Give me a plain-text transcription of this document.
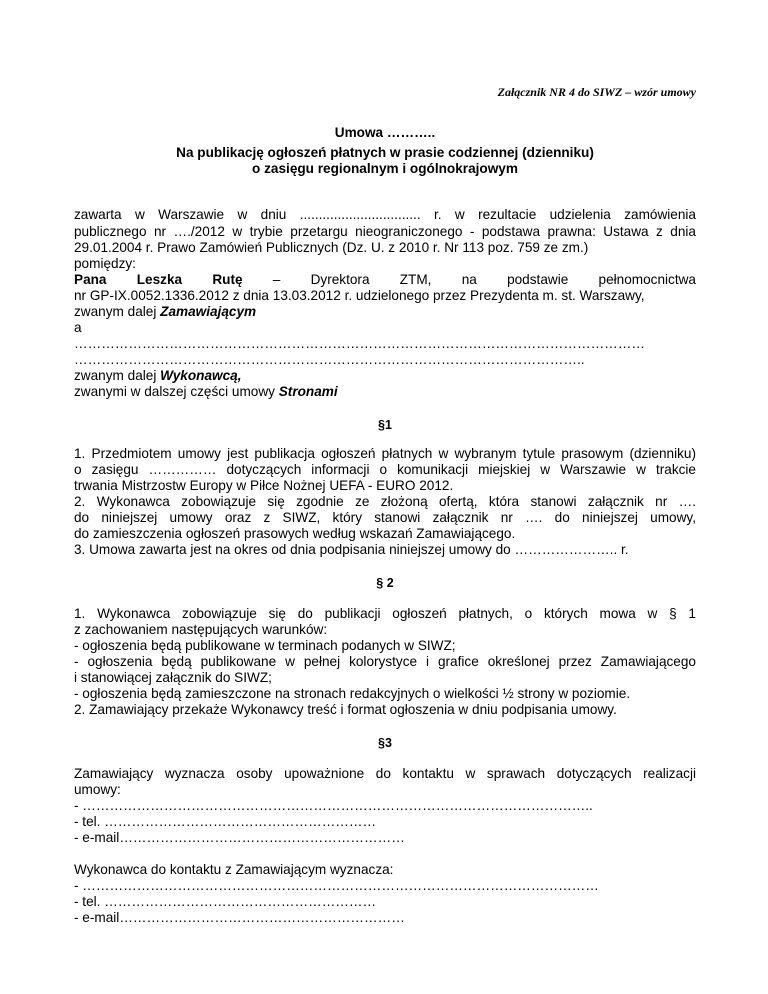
Załącznik NR 4 do SIWZ – wzór umowy
Umowa ………..
Na publikację ogłoszeń płatnych w prasie codziennej (dzienniku)
o zasięgu regionalnym i ogólnokrajowym
zawarta w Warszawie w dniu ................................ r. w rezultacie udzielenia zamówienia
publicznego nr …./2012 w trybie przetargu nieograniczonego - podstawa prawna: Ustawa z dnia
29.01.2004 r. Prawo Zamówień Publicznych (Dz. U. z 2010 r. Nr 113 poz. 759 ze zm.)
pomiędzy:
Pana Leszka Rutę – Dyrektora ZTM, na podstawie pełnomocnictwa
nr GP-IX.0052.1336.2012 z dnia 13.03.2012 r. udzielonego przez Prezydenta m. st. Warszawy,
zwanym dalej Zamawiającym
a
………………………………………………………………………………………………………………
…………………………………………………………………………………………………..
zwanym dalej Wykonawcą,
zwanymi w dalszej części umowy Stronami
§1
1. Przedmiotem umowy jest publikacja ogłoszeń płatnych w wybranym tytule prasowym (dzienniku)
o zasięgu …………… dotyczących informacji o komunikacji miejskiej w Warszawie w trakcie
trwania Mistrzostw Europy w Piłce Nożnej UEFA - EURO 2012.
2. Wykonawca zobowiązuje się zgodnie ze złożoną ofertą, która stanowi załącznik nr ….
do niniejszej umowy oraz z SIWZ, który stanowi załącznik nr …. do niniejszej umowy,
do zamieszczenia ogłoszeń prasowych według wskazań Zamawiającego.
3. Umowa zawarta jest na okres od dnia podpisania niniejszej umowy do ………………….. r.
§ 2
1. Wykonawca zobowiązuje się do publikacji ogłoszeń płatnych, o których mowa w § 1
z zachowaniem następujących warunków:
- ogłoszenia będą publikowane w terminach podanych w SIWZ;
- ogłoszenia będą publikowane w pełnej kolorystyce i grafice określonej przez Zamawiającego
i stanowiącej załącznik do SIWZ;
- ogłoszenia będą zamieszczone na stronach redakcyjnych o wielkości ½ strony w poziomie.
2. Zamawiający przekaże Wykonawcy treść i format ogłoszenia w dniu podpisania umowy.
§3
Zamawiający wyznacza osoby upoważnione do kontaktu w sprawach dotyczących realizacji
umowy:
- …………………………………………………………………………………………………..
- tel. ……………………………………………………
- e-mail………………………………………………………
Wykonawca do kontaktu z Zamawiającym wyznacza:
- ……………………………………………………………………………………………………
- tel. ……………………………………………………
- e-mail………………………………………………………
